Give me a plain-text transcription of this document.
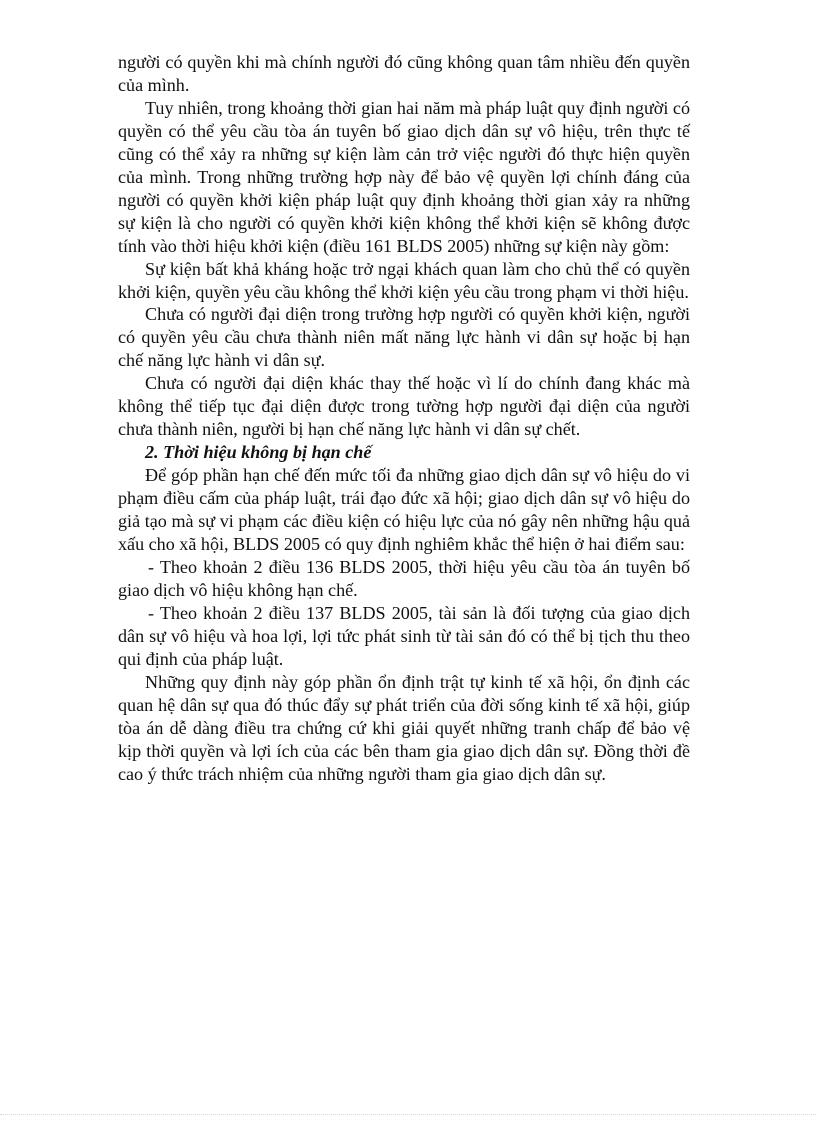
người có quyền khi mà chính người đó cũng không quan tâm nhiều đến quyền của mình.

Tuy nhiên, trong khoảng thời gian hai năm mà pháp luật quy định người có quyền có thể yêu cầu tòa án tuyên bố giao dịch dân sự vô hiệu, trên thực tế cũng có thể xảy ra những sự kiện làm cản trở việc người đó thực hiện quyền của mình. Trong những trường hợp này để bảo vệ quyền lợi chính đáng của người có quyền khởi kiện pháp luật quy định khoảng thời gian xảy ra những sự kiện là cho người có quyền khởi kiện không thể khởi kiện sẽ không được tính vào thời hiệu khởi kiện (điều 161 BLDS 2005) những sự kiện này gồm:

Sự kiện bất khả kháng hoặc trở ngại khách quan làm cho chủ thể có quyền khởi kiện, quyền yêu cầu không thể khởi kiện yêu cầu trong phạm vi thời hiệu.

Chưa có người đại diện trong trường hợp người có quyền khởi kiện, người có quyền yêu cầu chưa thành niên mất năng lực hành vi dân sự hoặc bị hạn chế năng lực hành vi dân sự.

Chưa có người đại diện khác thay thế hoặc vì lí do chính đang khác mà không thể tiếp tục đại diện được trong tường hợp người đại diện của người chưa thành niên, người bị hạn chế năng lực hành vi dân sự chết.

2. Thời hiệu không bị hạn chế

Để góp phần hạn chế đến mức tối đa những giao dịch dân sự vô hiệu do vi phạm điều cấm của pháp luật, trái đạo đức xã hội; giao dịch dân sự vô hiệu do giả tạo mà sự vi phạm các điều kiện có hiệu lực của nó gây nên những hậu quả xấu cho xã hội, BLDS 2005 có quy định nghiêm khắc thể hiện ở hai điểm sau:

- Theo khoản 2 điều 136 BLDS 2005, thời hiệu yêu cầu tòa án tuyên bố giao dịch vô hiệu không hạn chế.

- Theo khoản 2 điều 137 BLDS 2005, tài sản là đối tượng của giao dịch dân sự vô hiệu và hoa lợi, lợi tức phát sinh từ tài sản đó có thể bị tịch thu theo qui định của pháp luật.

Những quy định này góp phần ổn định trật tự kinh tế xã hội, ổn định các quan hệ dân sự qua đó thúc đẩy sự phát triển của đời sống kinh tế xã hội, giúp tòa án dễ dàng điều tra chứng cứ khi giải quyết những tranh chấp để bảo vệ kịp thời quyền và lợi ích của các bên tham gia giao dịch dân sự. Đồng thời đề cao ý thức trách nhiệm của những người tham gia giao dịch dân sự.
